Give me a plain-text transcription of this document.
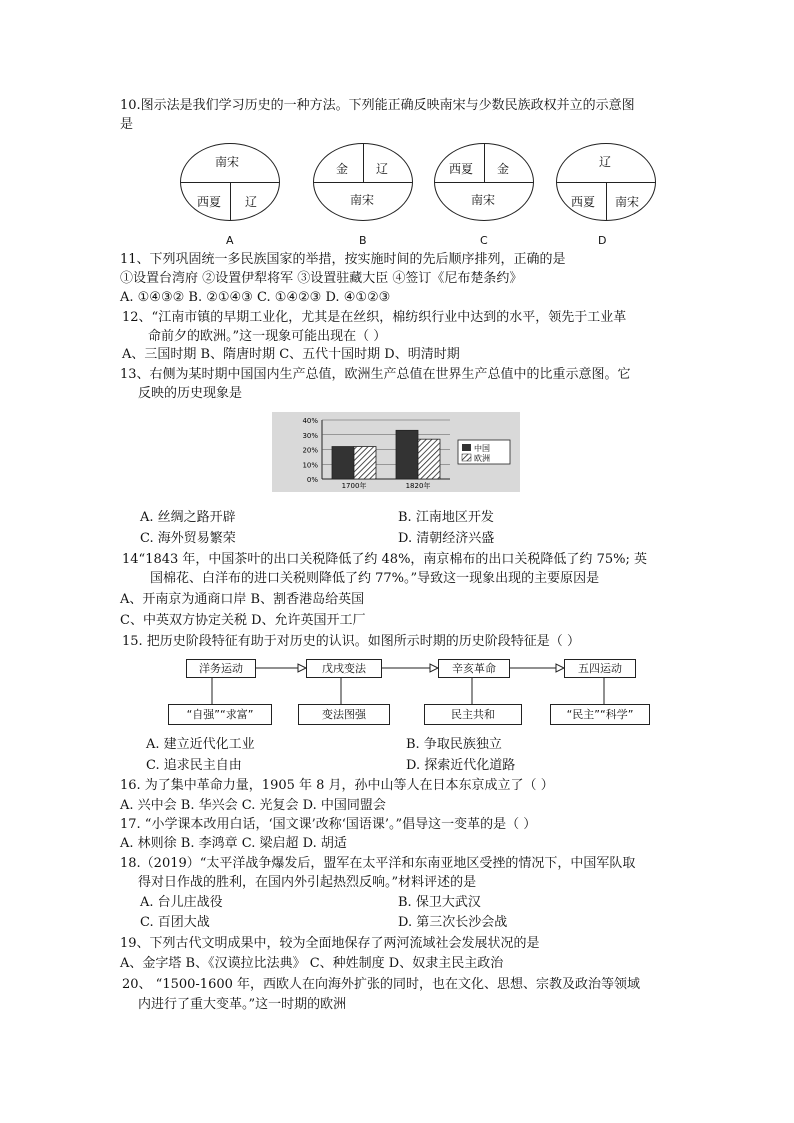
10.图示法是我们学习历史的一种方法。下列能正确反映南宋与少数民族政权并立的示意图
是
南宋
西夏 辽
A
金 辽
南宋
B
西夏 金
南宋
C
辽
西夏 南宋
D
11、下列巩固统一多民族国家的举措，按实施时间的先后顺序排列，正确的是
①设置台湾府 ②设置伊犁将军 ③设置驻藏大臣 ④签订《尼布楚条约》
A. ①④③② B. ②①④③ C. ①④②③ D. ④①②③
12、“江南市镇的早期工业化，尤其是在丝织，棉纺织行业中达到的水平，领先于工业革
命前夕的欧洲。”这一现象可能出现在（ ）
A、三国时期 B、隋唐时期 C、五代十国时期 D、明清时期
13、右侧为某时期中国国内生产总值，欧洲生产总值在世界生产总值中的比重示意图。它
反映的历史现象是
40%
30%
20%
10%
0%
1700年	1820年
中国
欧洲
A. 丝绸之路开辟	B. 江南地区开发
C. 海外贸易繁荣	D. 清朝经济兴盛
14“1843 年，中国茶叶的出口关税降低了约 48%，南京棉布的出口关税降低了约 75%; 英
国棉花、白洋布的进口关税则降低了约 77%。”导致这一现象出现的主要原因是
A、开南京为通商口岸 B、割香港岛给英国
C、中英双方协定关税 D、允许英国开工厂
15. 把历史阶段特征有助于对历史的认识。如图所示时期的历史阶段特征是（ ）
洋务运动	戊戌变法	辛亥革命	五四运动
“自强”“求富”	变法图强	民主共和	“民主”“科学”
A. 建立近代化工业	B. 争取民族独立
C. 追求民主自由	D. 探索近代化道路
16. 为了集中革命力量，1905 年 8 月，孙中山等人在日本东京成立了（ ）
A. 兴中会 B. 华兴会 C. 光复会 D. 中国同盟会
17. “小学课本改用白话，‘国文课’改称‘国语课’。”倡导这一变革的是（ ）
A. 林则徐 B. 李鸿章 C. 梁启超 D. 胡适
18.（2019）“太平洋战争爆发后，盟军在太平洋和东南亚地区受挫的情况下，中国军队取
得对日作战的胜利，在国内外引起热烈反响。”材料评述的是
A. 台儿庄战役	B. 保卫大武汉
C. 百团大战	D. 第三次长沙会战
19、下列古代文明成果中，较为全面地保存了两河流域社会发展状况的是
A、金字塔 B、《汉谟拉比法典》 C、种姓制度 D、奴隶主民主政治
20、 “1500-1600 年，西欧人在向海外扩张的同时，也在文化、思想、宗教及政治等领域
内进行了重大变革。”这一时期的欧洲
